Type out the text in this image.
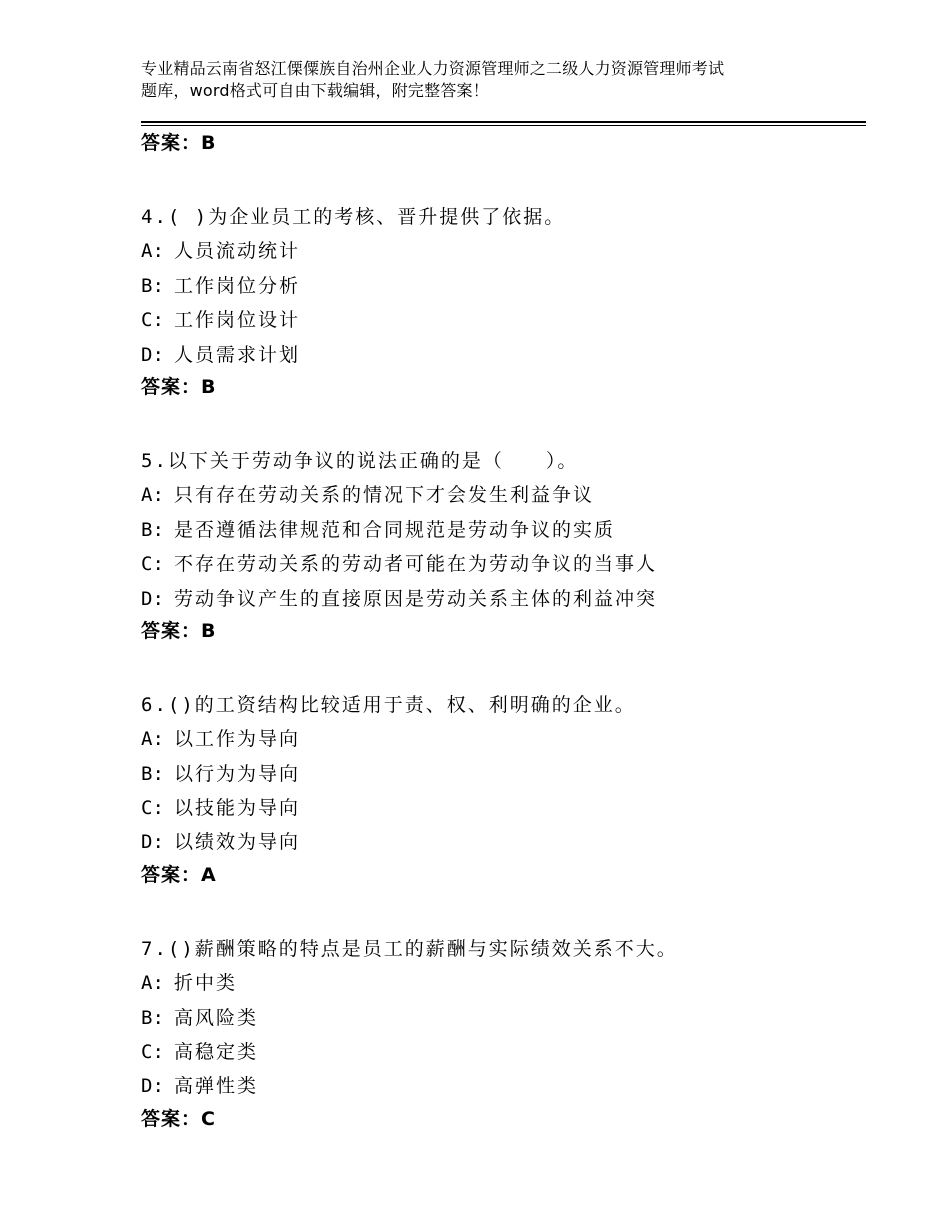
专业精品云南省怒江傈僳族自治州企业人力资源管理师之二级人力资源管理师考试
题库，word格式可自由下载编辑，附完整答案！
答案：B
4.( )为企业员工的考核、晋升提供了依据。
A: 人员流动统计
B: 工作岗位分析
C: 工作岗位设计
D: 人员需求计划
答案：B
5.以下关于劳动争议的说法正确的是（　　）。
A: 只有存在劳动关系的情况下才会发生利益争议
B: 是否遵循法律规范和合同规范是劳动争议的实质
C: 不存在劳动关系的劳动者可能在为劳动争议的当事人
D: 劳动争议产生的直接原因是劳动关系主体的利益冲突
答案：B
6.()的工资结构比较适用于责、权、利明确的企业。
A: 以工作为导向
B: 以行为为导向
C: 以技能为导向
D: 以绩效为导向
答案：A
7.()薪酬策略的特点是员工的薪酬与实际绩效关系不大。
A: 折中类
B: 高风险类
C: 高稳定类
D: 高弹性类
答案：C
